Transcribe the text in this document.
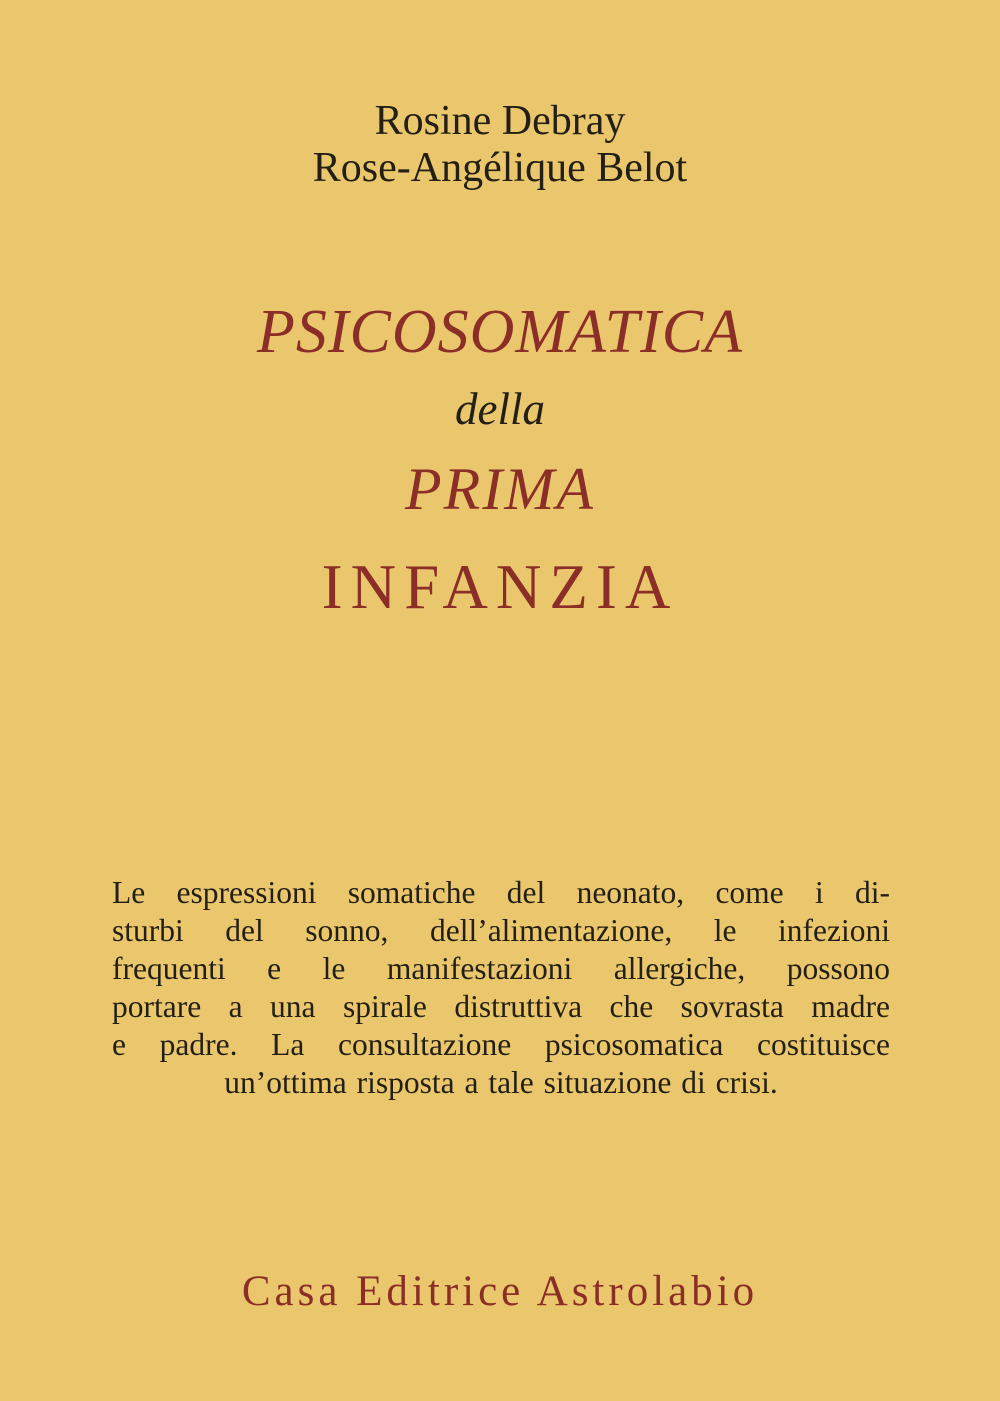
Rosine Debray
Rose-Angélique Belot
PSICOSOMATICA
della
PRIMA
INFANZIA

Le espressioni somatiche del neonato, come i di-

sturbi del sonno, dell’alimentazione, le infezioni

frequenti e le manifestazioni allergiche, possono

portare a una spirale distruttiva che sovrasta madre

e padre. La consultazione psicosomatica costituisce

un’ottima risposta a tale situazione di crisi.

Casa Editrice Astrolabio
